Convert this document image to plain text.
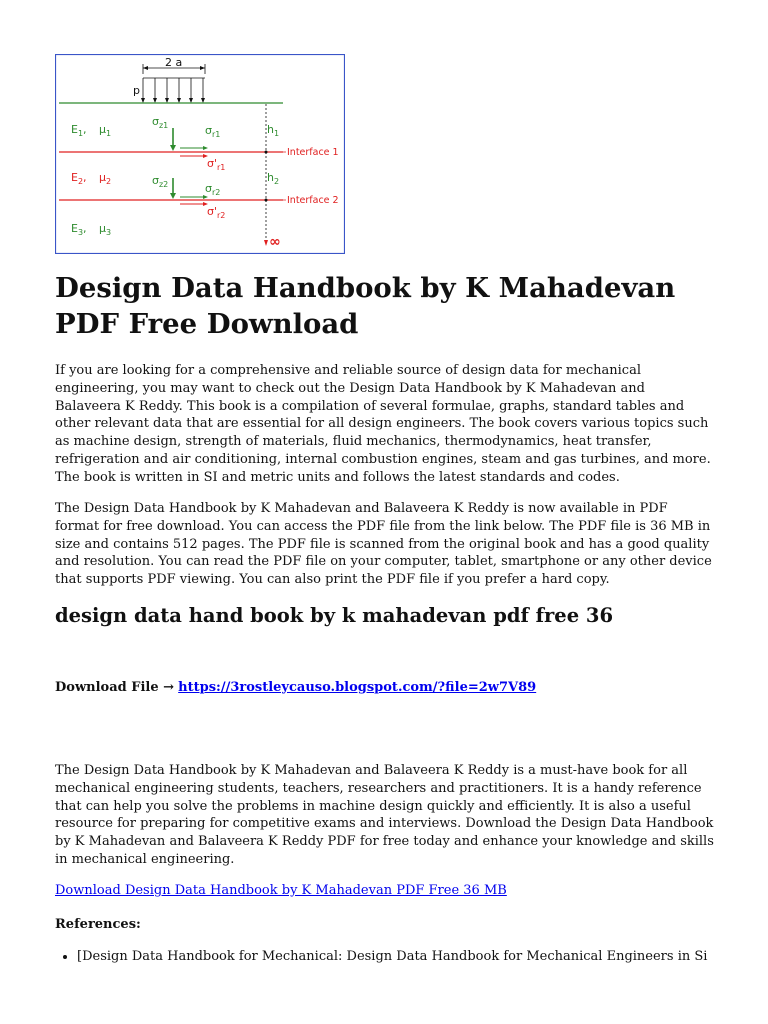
2 a
p
$E_1$, $\mu_1$
$\sigma_{z1}$	$\sigma_{r1}$	$h_1$
Interface 1
$\sigma'_{r1}$
$E_2$, $\mu_2$	$\sigma_{z2}$	$\sigma_{r2}$
$h_2$
Interface 2
$\sigma'_{r2}$
$E_3$, $\mu_3$
∞
Design Data Handbook by K Mahadevan PDF Free Download

If you are looking for a comprehensive and reliable source of design data for mechanical engineering, you may want to check out the Design Data Handbook by K Mahadevan and Balaveera K Reddy. This book is a compilation of several formulae, graphs, standard tables and other relevant data that are essential for all design engineers. The book covers various topics such as machine design, strength of materials, fluid mechanics, thermodynamics, heat transfer, refrigeration and air conditioning, internal combustion engines, steam and gas turbines, and more. The book is written in SI and metric units and follows the latest standards and codes.

The Design Data Handbook by K Mahadevan and Balaveera K Reddy is now available in PDF format for free download. You can access the PDF file from the link below. The PDF file is 36 MB in size and contains 512 pages. The PDF file is scanned from the original book and has a good quality and resolution. You can read the PDF file on your computer, tablet, smartphone or any other device that supports PDF viewing. You can also print the PDF file if you prefer a hard copy.

design data hand book by k mahadevan pdf free 36
Download File → https://3rostleycauso.blogspot.com/?file=2w7V89

The Design Data Handbook by K Mahadevan and Balaveera K Reddy is a must-have book for all mechanical engineering students, teachers, researchers and practitioners. It is a handy reference that can help you solve the problems in machine design quickly and efficiently. It is also a useful resource for preparing for competitive exams and interviews. Download the Design Data Handbook by K Mahadevan and Balaveera K Reddy PDF for free today and enhance your knowledge and skills in mechanical engineering.

Download Design Data Handbook by K Mahadevan PDF Free 36 MB
References:
• [Design Data Handbook for Mechanical: Design Data Handbook for Mechanical Engineers in Si
